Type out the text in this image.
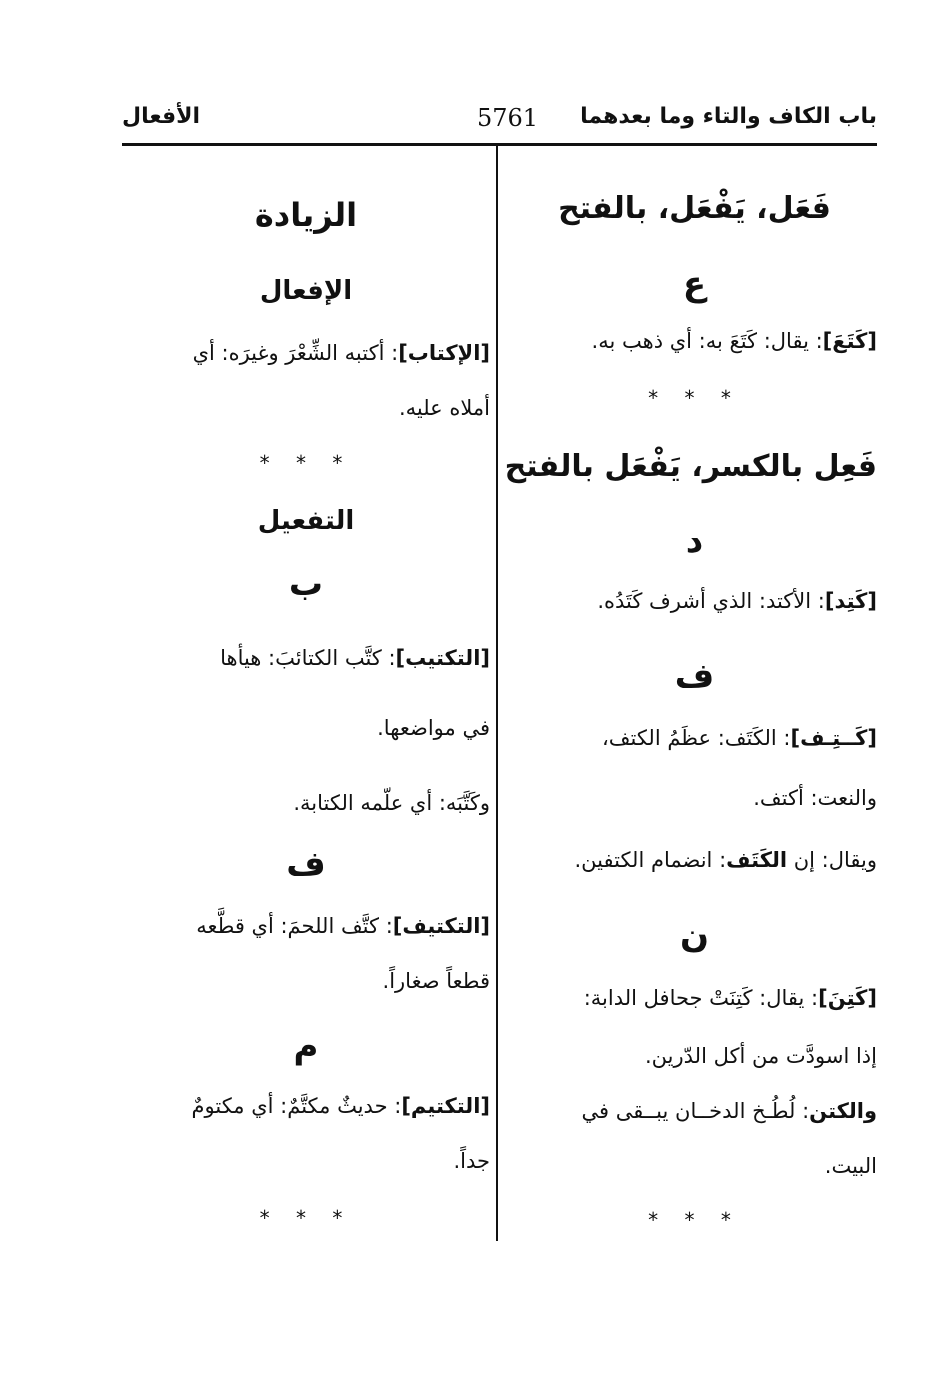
باب الكاف والتاء وما بعدهما
5761
الأفعال
فَعَل، يَفْعَل، بالفتح
ع
[كَتَعَ]: يقال: كَتَعَ به: أي ذهب به.
* * *
فَعِل بالكسر، يَفْعَل بالفتح
د
[كَتِد]: الأكتد: الذي أشرف كَتَدُه.
ف
[كَــتِـف]: الكَتَف: عظَمُ الكتف،
والنعت: أكتف.
ويقال: إن الكَتَف: انضمام الكتفين.
ن
[كَتِنَ]: يقال: كَتِنَتْ جحافل الدابة:
إذا اسودَّت من أكل الدّرين.
والكتن: لُطُـخ الدخــان يبــقى في
البيت.
* * *
الزيادة
الإفعال
[الإكتاب]: أكتبه الشِّعْرَ وغيرَه: أي
أملاه عليه.
* * *
التفعيل
ب
[التكتيب]: كتَّب الكتائبَ: هيأها
في مواضعها.
وكَتَّبَه: أي علّمه الكتابة.
ف
[التكتيف]: كتَّف اللحمَ: أي قطَّعه
قطعاً صغاراً.
م
[التكتيم]: حديثٌ مكتَّمٌ: أي مكتومٌ
جداً.
* * *
